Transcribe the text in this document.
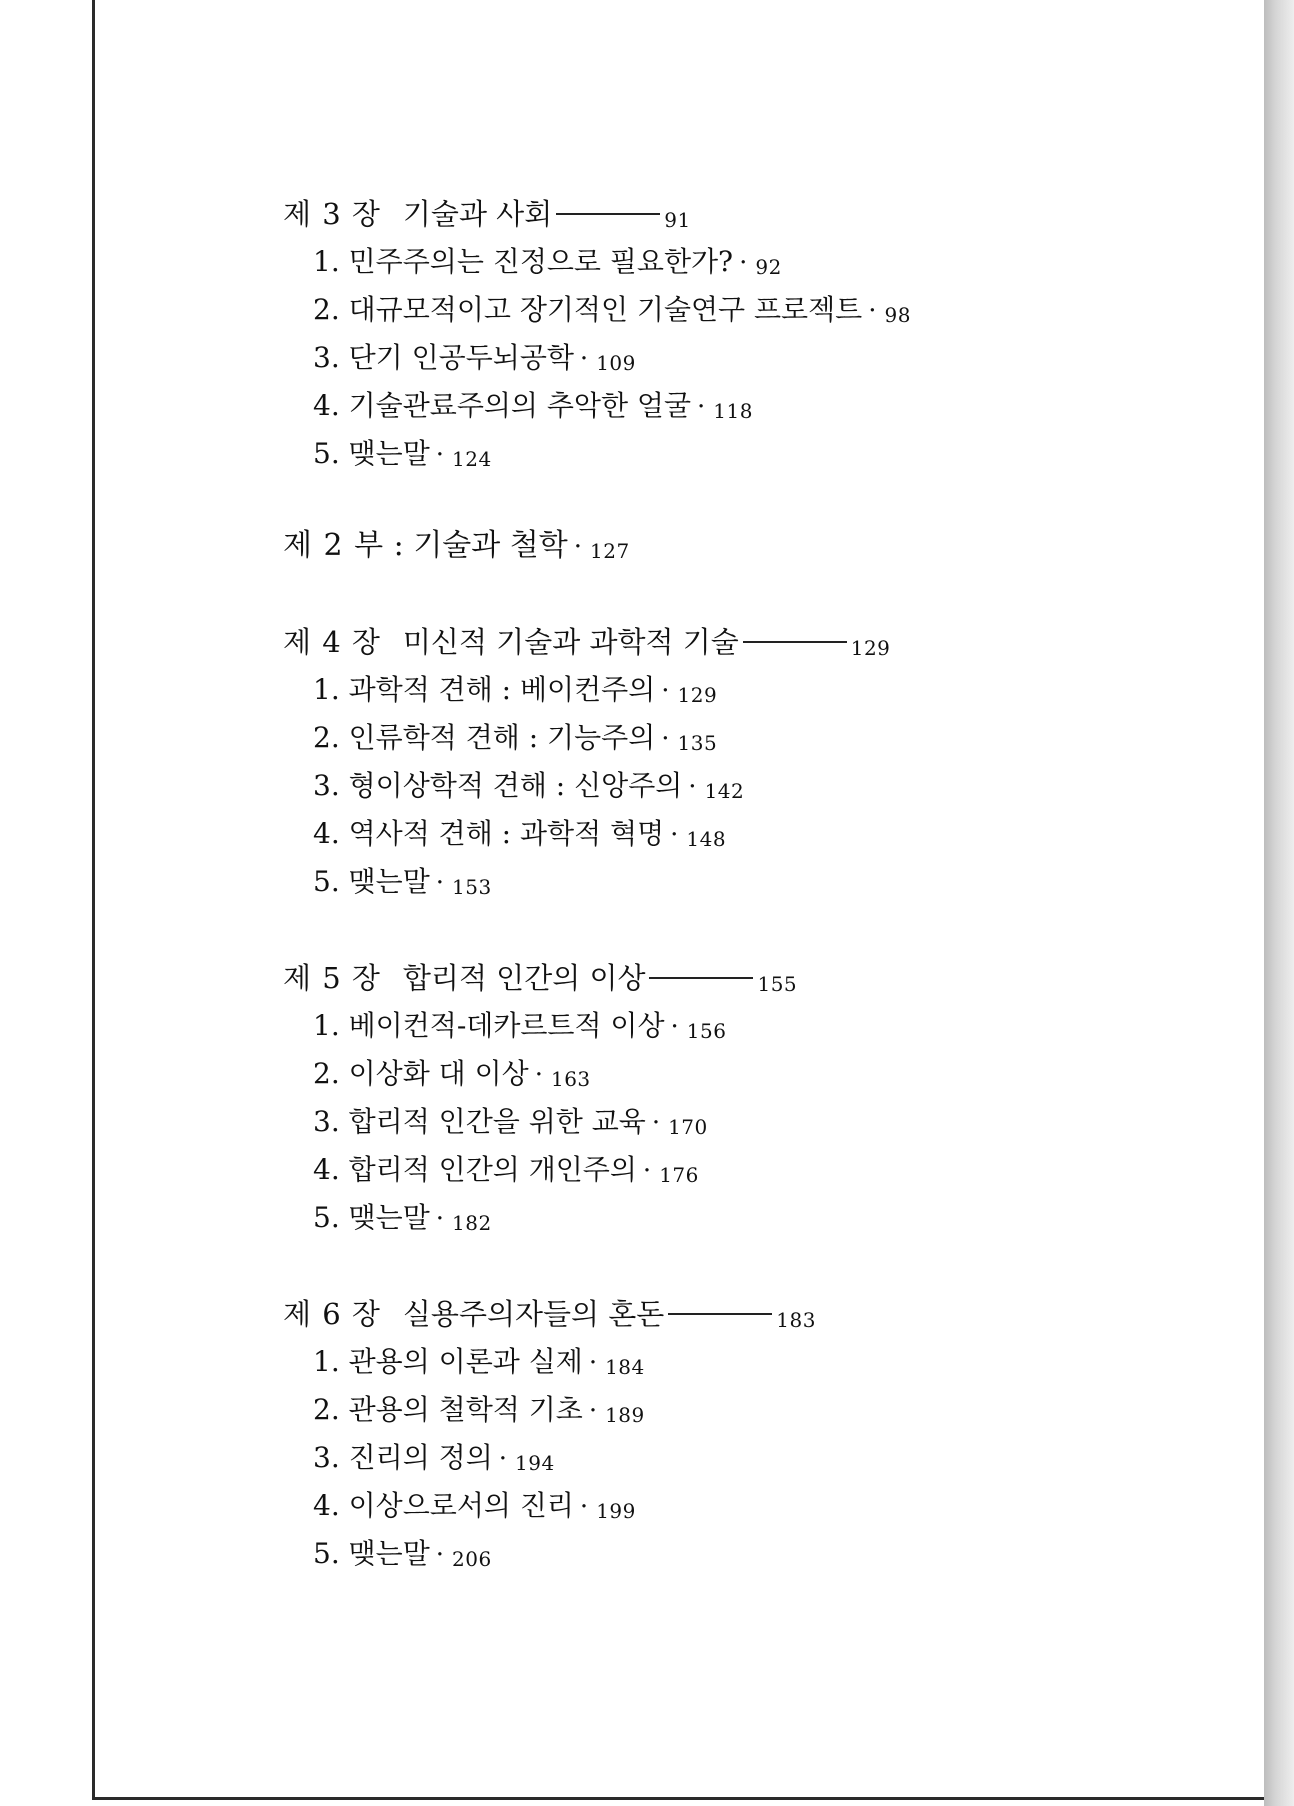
제 3 장 기술과 사회	91
1. 민주주의는 진정으로 필요한가? · 92
2. 대규모적이고 장기적인 기술연구 프로젝트 · 98
3. 단기 인공두뇌공학 · 109
4. 기술관료주의의 추악한 얼굴 · 118
5. 맺는말 · 124
제 2 부 : 기술과 철학 · 127
제 4 장 미신적 기술과 과학적 기술	129
1. 과학적 견해 : 베이컨주의 · 129
2. 인류학적 견해 : 기능주의 · 135
3. 형이상학적 견해 : 신앙주의 · 142
4. 역사적 견해 : 과학적 혁명 · 148
5. 맺는말 · 153
제 5 장 합리적 인간의 이상	155
1. 베이컨적-데카르트적 이상 · 156
2. 이상화 대 이상 · 163
3. 합리적 인간을 위한 교육 · 170
4. 합리적 인간의 개인주의 · 176
5. 맺는말 · 182
제 6 장 실용주의자들의 혼돈	183
1. 관용의 이론과 실제 · 184
2. 관용의 철학적 기초 · 189
3. 진리의 정의 · 194
4. 이상으로서의 진리 · 199
5. 맺는말 · 206
